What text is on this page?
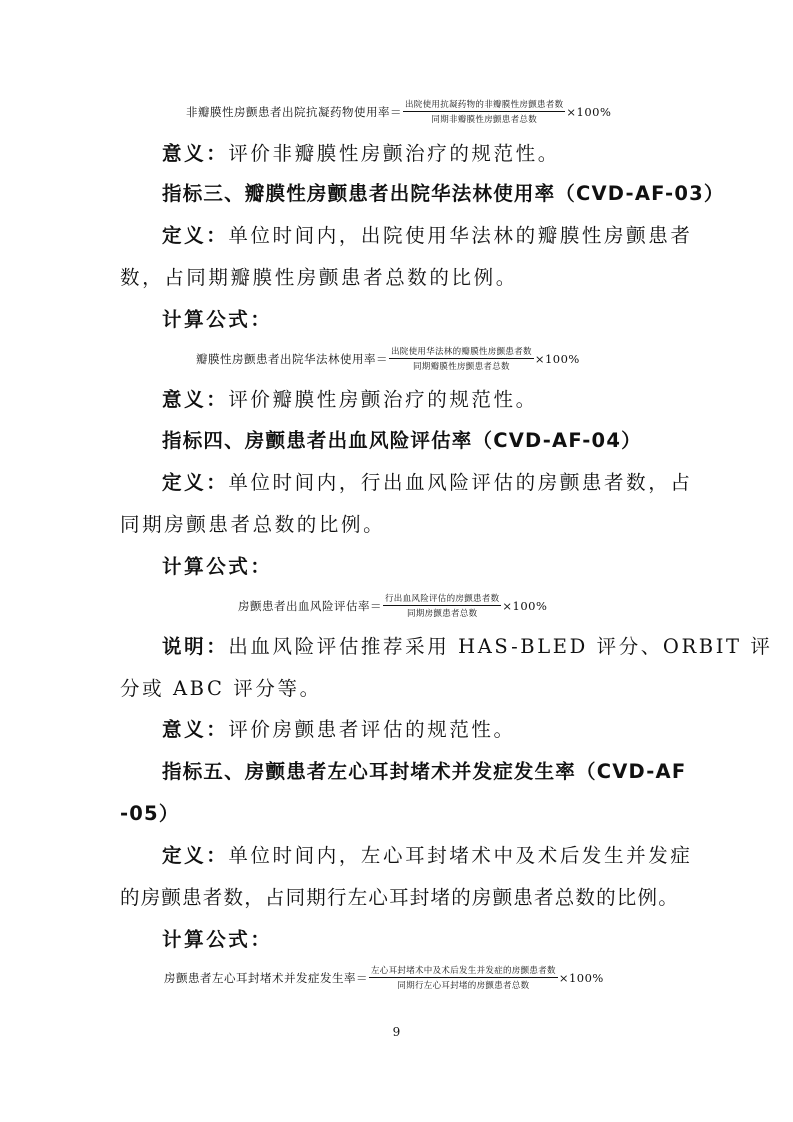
非瓣膜性房颤患者出院抗凝药物使用率＝ $\frac{\text{出院使用抗凝药物的非瓣膜性房颤患者数}}{\text{同期非瓣膜性房颤患者总数}} \times 100\%$
意义：评价非瓣膜性房颤治疗的规范性。
指标三、瓣膜性房颤患者出院华法林使用率（CVD-AF-03）
定义：单位时间内，出院使用华法林的瓣膜性房颤患者
数，占同期瓣膜性房颤患者总数的比例。
计算公式：
瓣膜性房颤患者出院华法林使用率＝ $\frac{\text{出院使用华法林的瓣膜性房颤患者数}}{\text{同期瓣膜性房颤患者总数}} \times 100\%$
意义：评价瓣膜性房颤治疗的规范性。
指标四、房颤患者出血风险评估率（CVD-AF-04）
定义：单位时间内，行出血风险评估的房颤患者数，占
同期房颤患者总数的比例。
计算公式：
房颤患者出血风险评估率＝ $\frac{\text{行出血风险评估的房颤患者数}}{\text{同期房颤患者总数}} \times 100\%$
说明：出血风险评估推荐采用 HAS-BLED 评分、ORBIT 评
分或 ABC 评分等。
意义：评价房颤患者评估的规范性。
指标五、房颤患者左心耳封堵术并发症发生率（CVD-AF
-05）
定义：单位时间内，左心耳封堵术中及术后发生并发症
的房颤患者数，占同期行左心耳封堵的房颤患者总数的比例。
计算公式：
房颤患者左心耳封堵术并发症发生率＝ $\frac{\text{左心耳封堵术中及术后发生并发症的房颤患者数}}{\text{同期行左心耳封堵的房颤患者总数}} \times 100\%$
9
